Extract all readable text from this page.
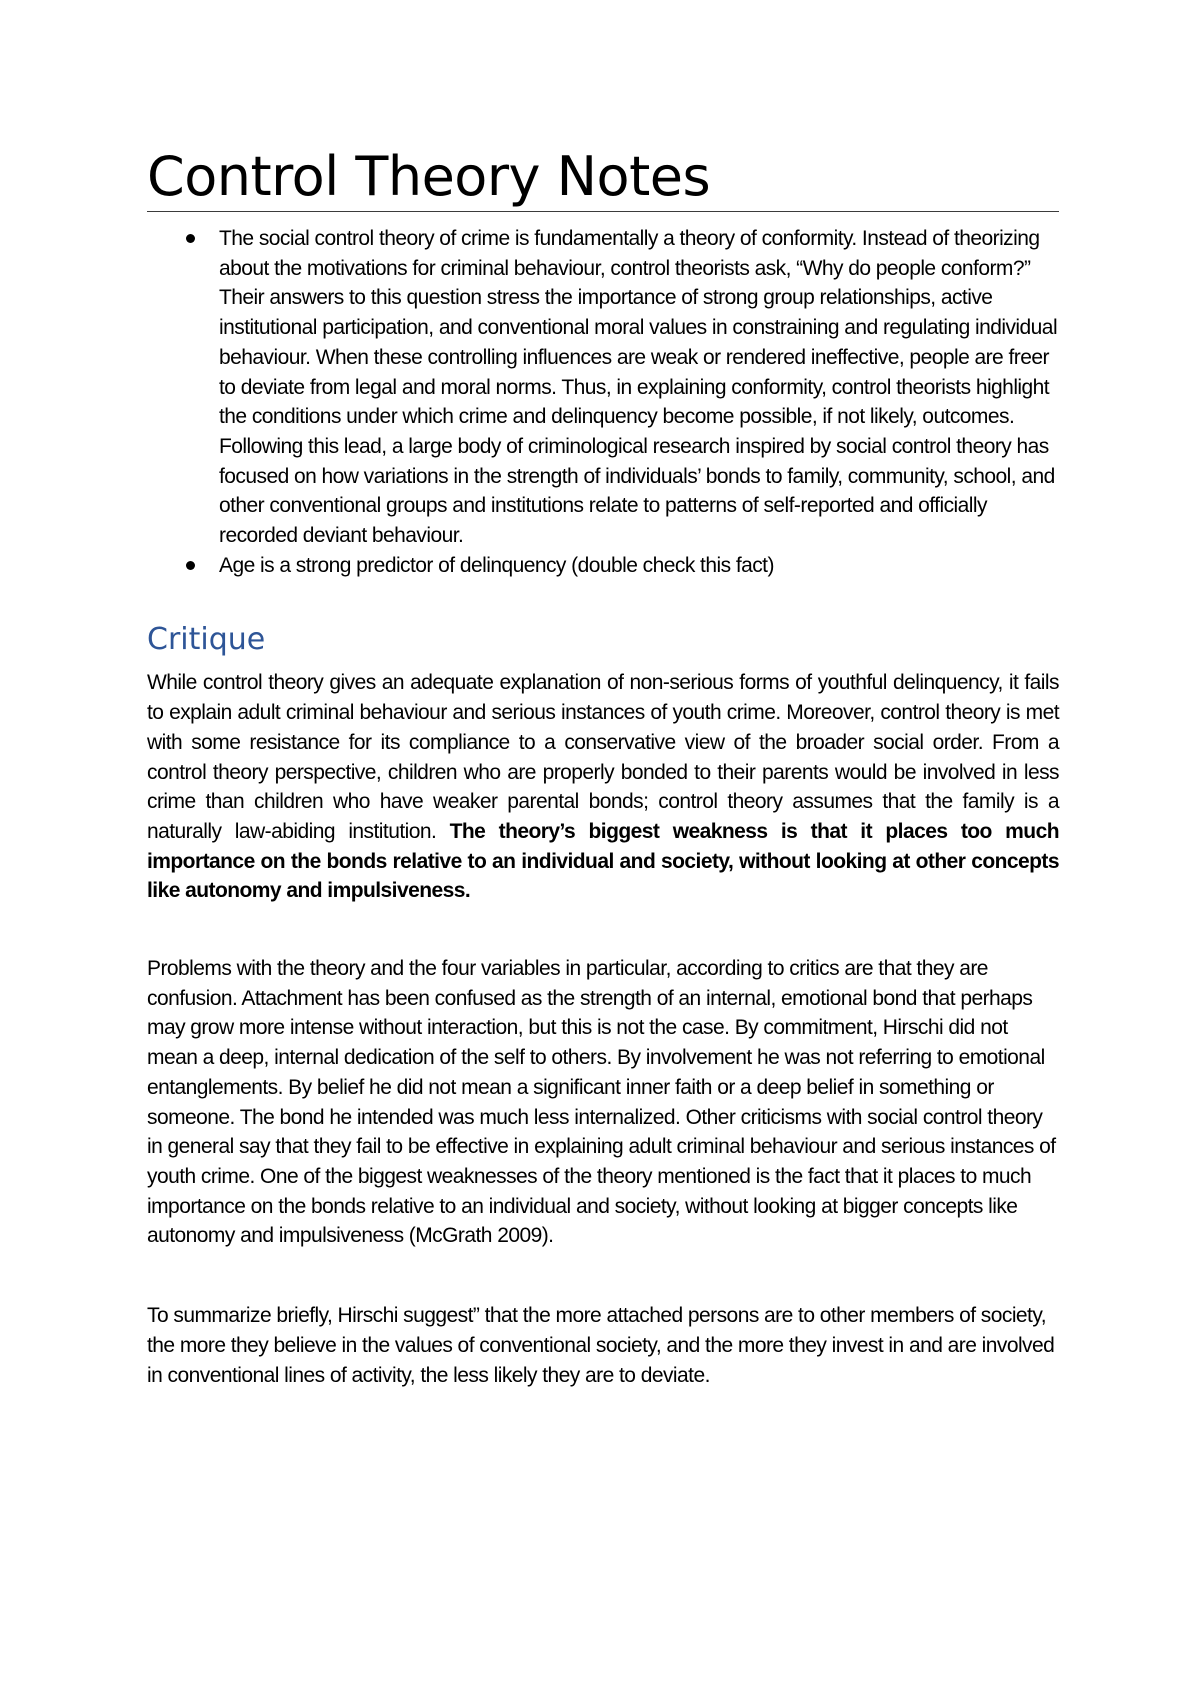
Control Theory Notes
The social control theory of crime is fundamentally a theory of conformity. Instead of theorizing about the motivations for criminal behaviour, control theorists ask, “Why do people conform?” Their answers to this question stress the importance of strong group relationships, active institutional participation, and conventional moral values in constraining and regulating individual behaviour. When these controlling influences are weak or rendered ineffective, people are freer to deviate from legal and moral norms. Thus, in explaining conformity, control theorists highlight the conditions under which crime and delinquency become possible, if not likely, outcomes. Following this lead, a large body of criminological research inspired by social control theory has focused on how variations in the strength of individuals’ bonds to family, community, school, and other conventional groups and institutions relate to patterns of self-reported and officially recorded deviant behaviour.
Age is a strong predictor of delinquency (double check this fact)
Critique

While control theory gives an adequate explanation of non-serious forms of youthful delinquency, it fails to explain adult criminal behaviour and serious instances of youth crime. Moreover, control theory is met with some resistance for its compliance to a conservative view of the broader social order. From a control theory perspective, children who are properly bonded to their parents would be involved in less crime than children who have weaker parental bonds; control theory assumes that the family is a naturally law-abiding institution. The theory’s biggest weakness is that it places too much importance on the bonds relative to an individual and society, without looking at other concepts like autonomy and impulsiveness.

Problems with the theory and the four variables in particular, according to critics are that they are confusion. Attachment has been confused as the strength of an internal, emotional bond that perhaps may grow more intense without interaction, but this is not the case. By commitment, Hirschi did not mean a deep, internal dedication of the self to others. By involvement he was not referring to emotional entanglements. By belief he did not mean a significant inner faith or a deep belief in something or someone. The bond he intended was much less internalized. Other criticisms with social control theory in general say that they fail to be effective in explaining adult criminal behaviour and serious instances of youth crime. One of the biggest weaknesses of the theory mentioned is the fact that it places to much importance on the bonds relative to an individual and society, without looking at bigger concepts like autonomy and impulsiveness (McGrath 2009).

To summarize briefly, Hirschi suggest” that the more attached persons are to other members of society, the more they believe in the values of conventional society, and the more they invest in and are involved in conventional lines of activity, the less likely they are to deviate.
